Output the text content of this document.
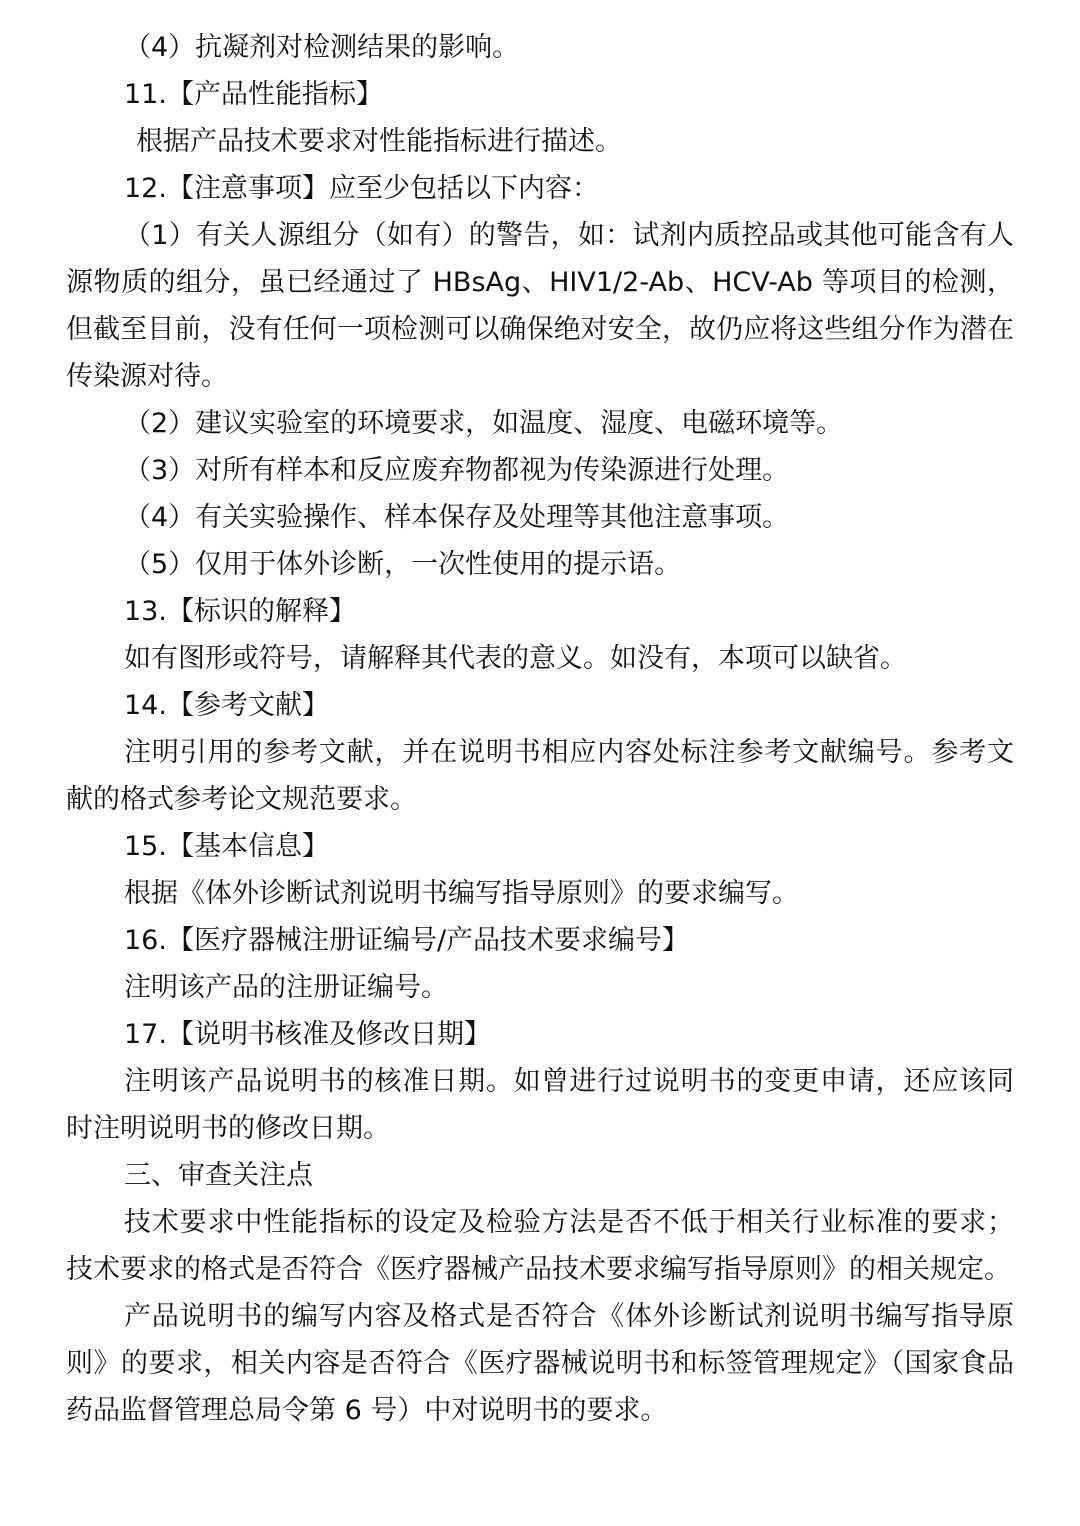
（4）抗凝剂对检测结果的影响。

11.【产品性能指标】

根据产品技术要求对性能指标进行描述。

12.【注意事项】应至少包括以下内容：

（1）有关人源组分（如有）的警告，如：试剂内质控品或其他可能含有人源物质的组分，虽已经通过了 HBsAg、HIV1/2-Ab、HCV-Ab 等项目的检测，但截至目前，没有任何一项检测可以确保绝对安全，故仍应将这些组分作为潜在传染源对待。

（2）建议实验室的环境要求，如温度、湿度、电磁环境等。

（3）对所有样本和反应废弃物都视为传染源进行处理。

（4）有关实验操作、样本保存及处理等其他注意事项。

（5）仅用于体外诊断，一次性使用的提示语。

13.【标识的解释】

如有图形或符号，请解释其代表的意义。如没有，本项可以缺省。

14.【参考文献】

注明引用的参考文献，并在说明书相应内容处标注参考文献编号。参考文献的格式参考论文规范要求。

15.【基本信息】

根据《体外诊断试剂说明书编写指导原则》的要求编写。

16.【医疗器械注册证编号/产品技术要求编号】

注明该产品的注册证编号。

17.【说明书核准及修改日期】

注明该产品说明书的核准日期。如曾进行过说明书的变更申请，还应该同时注明说明书的修改日期。

三、审查关注点

技术要求中性能指标的设定及检验方法是否不低于相关行业标准的要求；技术要求的格式是否符合《医疗器械产品技术要求编写指导原则》的相关规定。

产品说明书的编写内容及格式是否符合《体外诊断试剂说明书编写指导原则》的要求，相关内容是否符合《医疗器械说明书和标签管理规定》（国家食品药品监督管理总局令第 6 号）中对说明书的要求。
